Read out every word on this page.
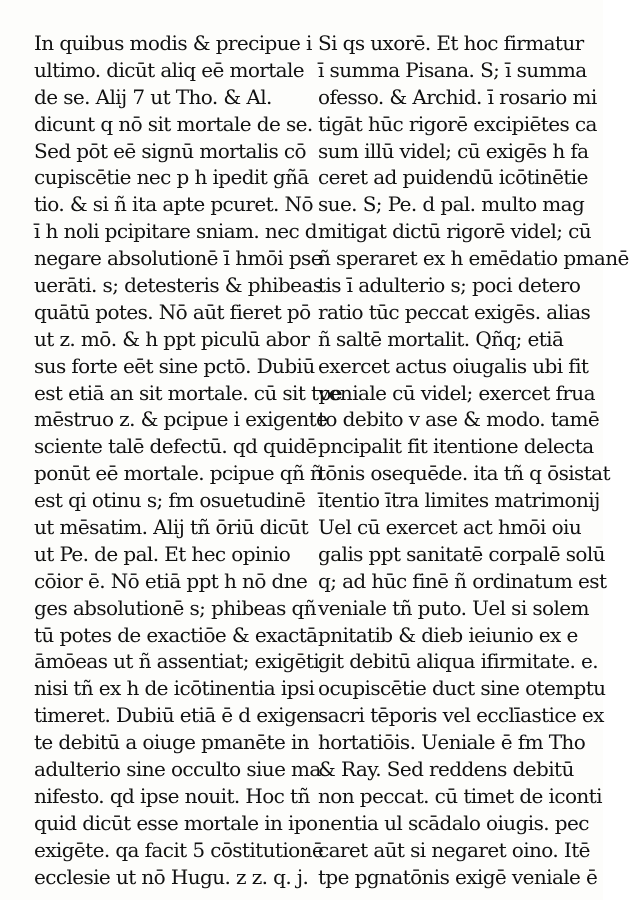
In quibus modis & precipue i
ultimo. dicūt aliq eē mortale
de se. Alij 7 ut Tho. & Al.
dicunt q nō sit mortale de se.
Sed pōt eē signū mortalis cō
cupiscētie nec p h ipedit gñā
tio. & si ñ ita apte pcuret. Nō
ī h noli pcipitare sniam. nec d
negare absolutionē ī hmōi pse
uerāti. s; detesteris & phibeas
quātū potes. Nō aūt fieret pō
ut z. mō. & h ppt piculū abor
sus forte eēt sine pctō. Dubiū
est etiā an sit mortale. cū sit tpe
mēstruo z. & pcipue i exigente
sciente talē defectū. qd quidē
ponūt eē mortale. pcipue qñ ñ
est qi otinu s; fm osuetudinē
ut mēsatim. Alij tñ ōriū dicūt
ut Pe. de pal. Et hec opinio
cōior ē. Nō etiā ppt h nō dne
ges absolutionē s; phibeas qñ
tū potes de exactiōe & exactā
āmōeas ut ñ assentiat; exigēti
nisi tñ ex h de icōtinentia ipsi
timeret. Dubiū etiā ē d exigen
te debitū a oiuge pmanēte in
adulterio sine occulto siue ma
nifesto. qd ipse nouit. Hoc tñ
quid dicūt esse mortale in ipo
exigēte. qa facit 5 cōstitutionē
ecclesie ut nō Hugu. z z. q. j.
Si qs uxorē. Et hoc firmatur
ī summa Pisana. S; ī summa
ofesso. & Archid. ī rosario mi
tigāt hūc rigorē excipiētes ca
sum illū videl; cū exigēs h fa
ceret ad puidendū icōtinētie
sue. S; Pe. d pal. multo mag
mitigat dictū rigorē videl; cū
ñ speraret ex h emēdatio pmanē
tis ī adulterio s; poci detero
ratio tūc peccat exigēs. alias
ñ saltē mortalit. Qñq; etiā
exercet actus oiugalis ubi fit
veniale cū videl; exercet frua
to debito v ase & modo. tamē
pncipalit fit itentione delecta
tōnis osequēde. ita tñ q ōsistat
ītentio ītra limites matrimonij
Uel cū exercet act hmōi oiu
galis ppt sanitatē corpalē solū
q; ad hūc finē ñ ordinatum est
veniale tñ puto. Uel si solem
pnitatib & dieb ieiunio ex e
git debitū aliqua ifirmitate. e.
ocupiscētie duct sine otemptu
sacri tēporis vel ecclīastice ex
hortatiōis. Ueniale ē fm Tho
& Ray. Sed reddens debitū
non peccat. cū timet de iconti
nentia ul scādalo oiugis. pec
caret aūt si negaret oino. Itē
tpe pgnatōnis exigē veniale ē
